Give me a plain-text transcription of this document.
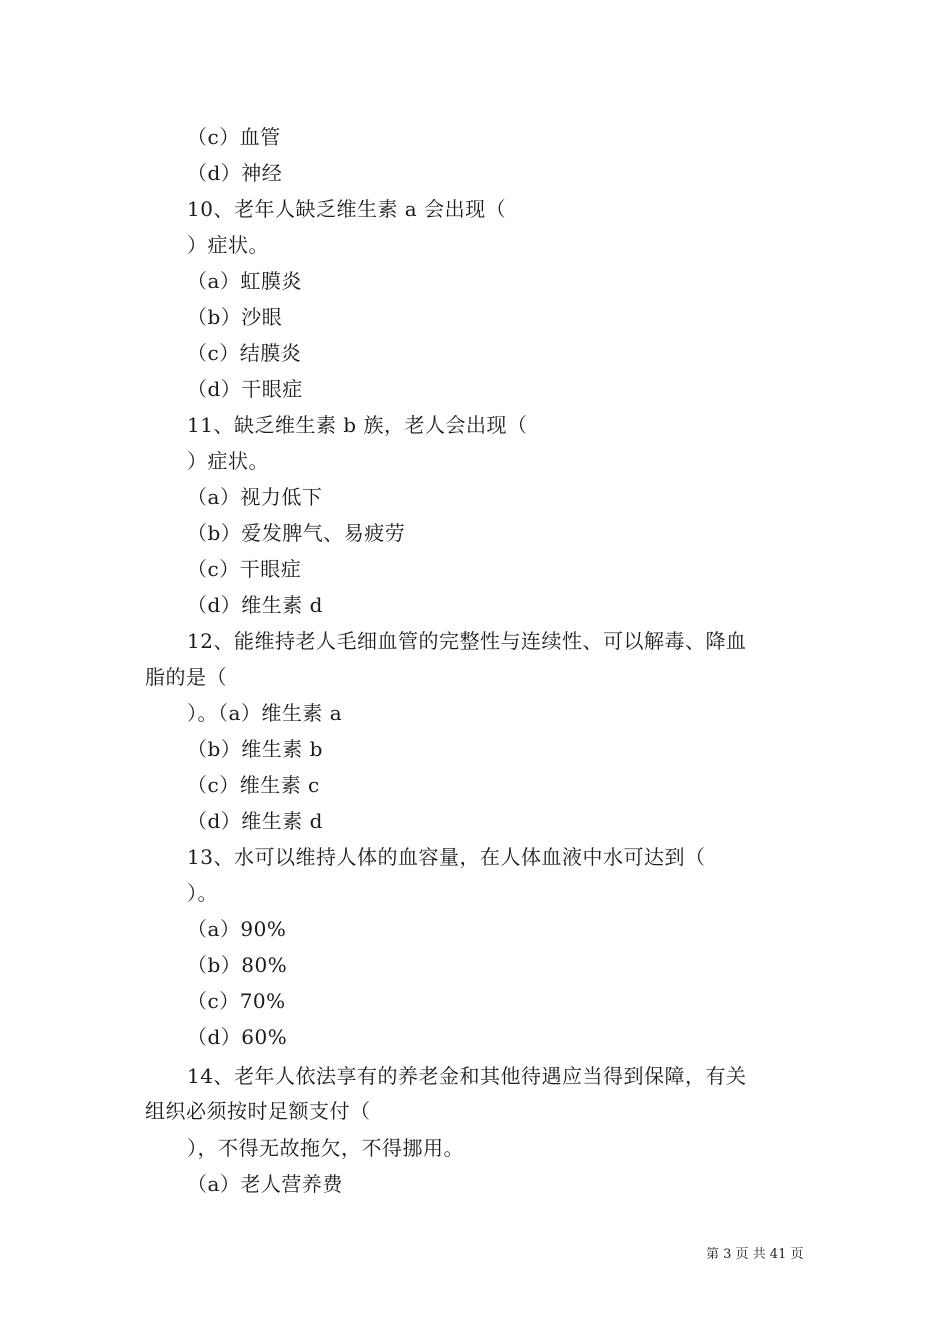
（c）血管
（d）神经
10、老年人缺乏维生素 a 会出现（
）症状。
（a）虹膜炎
（b）沙眼
（c）结膜炎
（d）干眼症
11、缺乏维生素 b 族，老人会出现（
）症状。
（a）视力低下
（b）爱发脾气、易疲劳
（c）干眼症
（d）维生素 d
12、能维持老人毛细血管的完整性与连续性、可以解毒、降血
脂的是（
）。（a）维生素 a
（b）维生素 b
（c）维生素 c
（d）维生素 d
13、水可以维持人体的血容量，在人体血液中水可达到（
）。
（a）90%
（b）80%
（c）70%
（d）60%
14、老年人依法享有的养老金和其他待遇应当得到保障，有关
组织必须按时足额支付（
），不得无故拖欠，不得挪用。
（a）老人营养费
第 3 页 共 41 页
